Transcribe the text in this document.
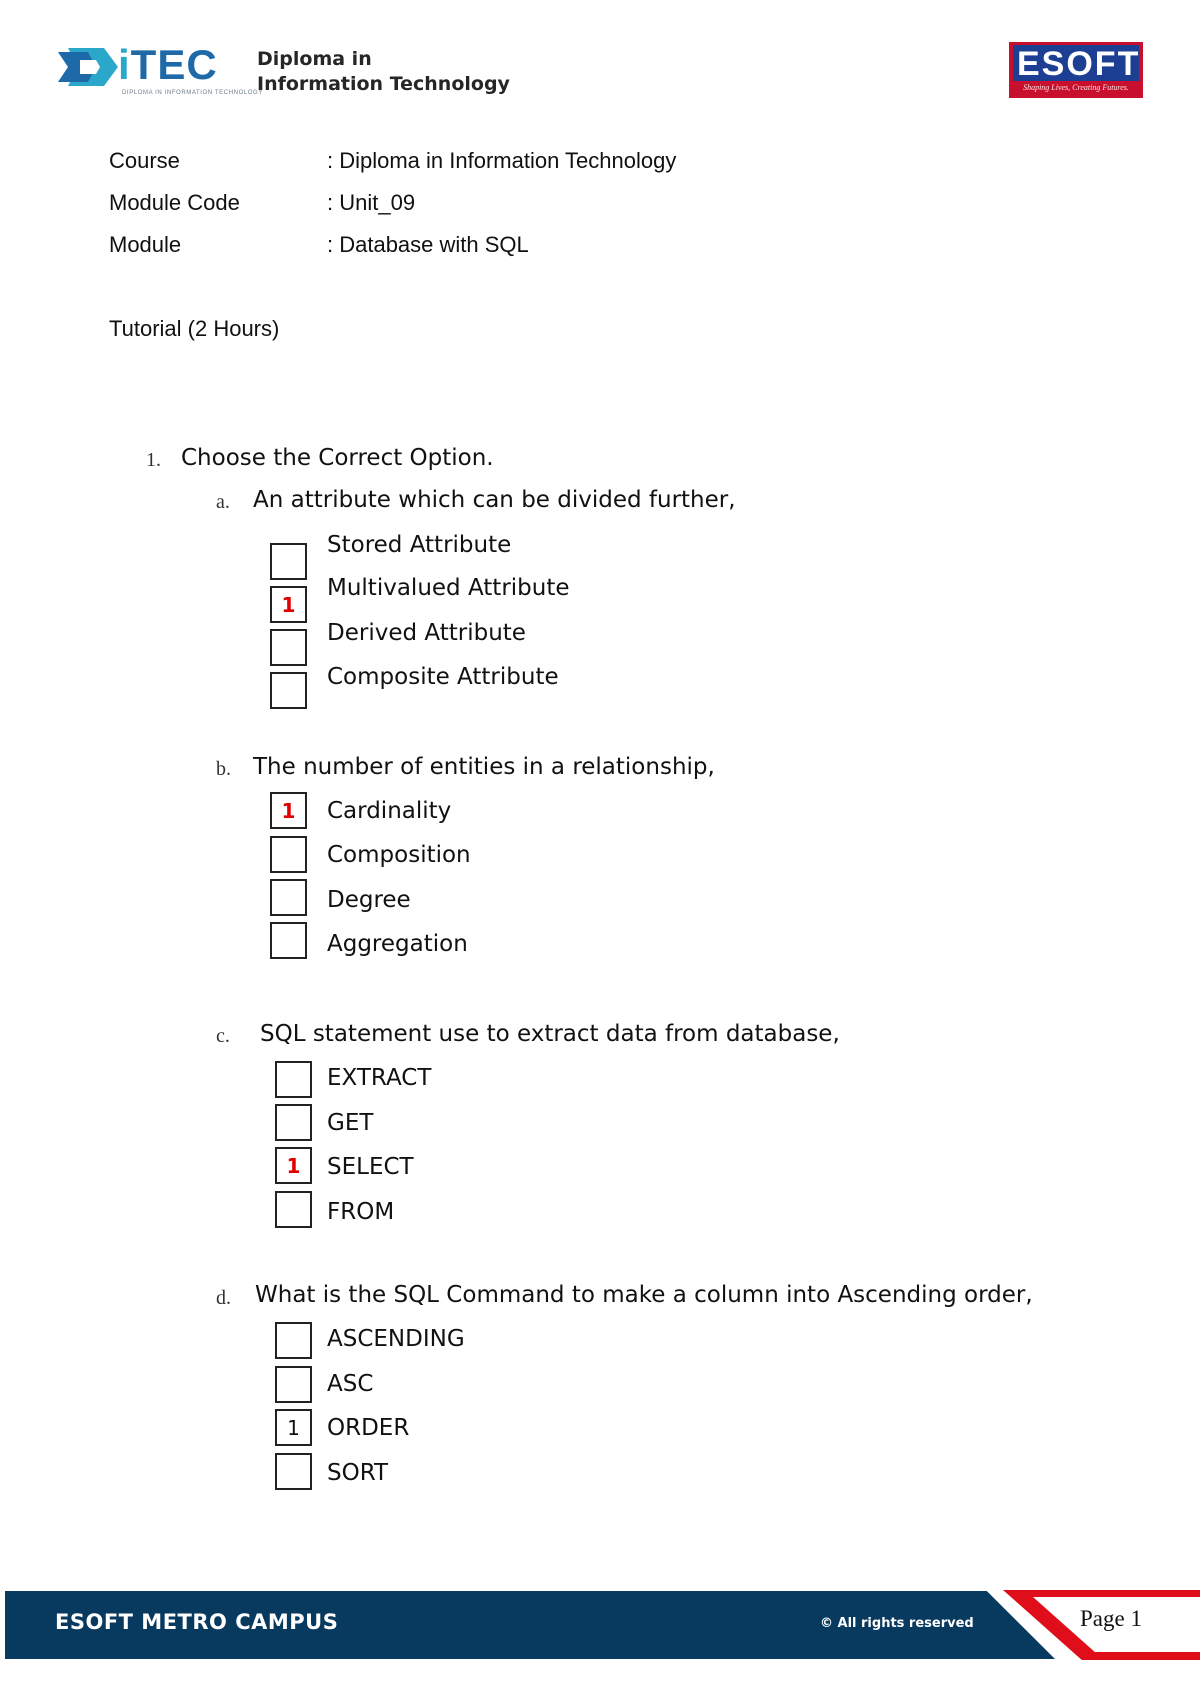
iTEC
DIPLOMA IN INFORMATION TECHNOLOGY
Diploma in
Information Technology
ESOFT
Shaping Lives, Creating Futures.
Course	: Diploma in Information Technology
Module Code	: Unit_09
Module	: Database with SQL
Tutorial (2 Hours)
1. Choose the Correct Option.
a. An attribute which can be divided further,
Stored Attribute
1
Multivalued Attribute
Derived Attribute
Composite Attribute
b. The number of entities in a relationship,
1	Cardinality
Composition
Degree
Aggregation
c. SQL statement use to extract data from database,
EXTRACT
GET
1	SELECT
FROM
d. What is the SQL Command to make a column into Ascending order,
ASCENDING
ASC
1	ORDER
SORT
ESOFT METRO CAMPUS	© All rights reserved	Page 1
